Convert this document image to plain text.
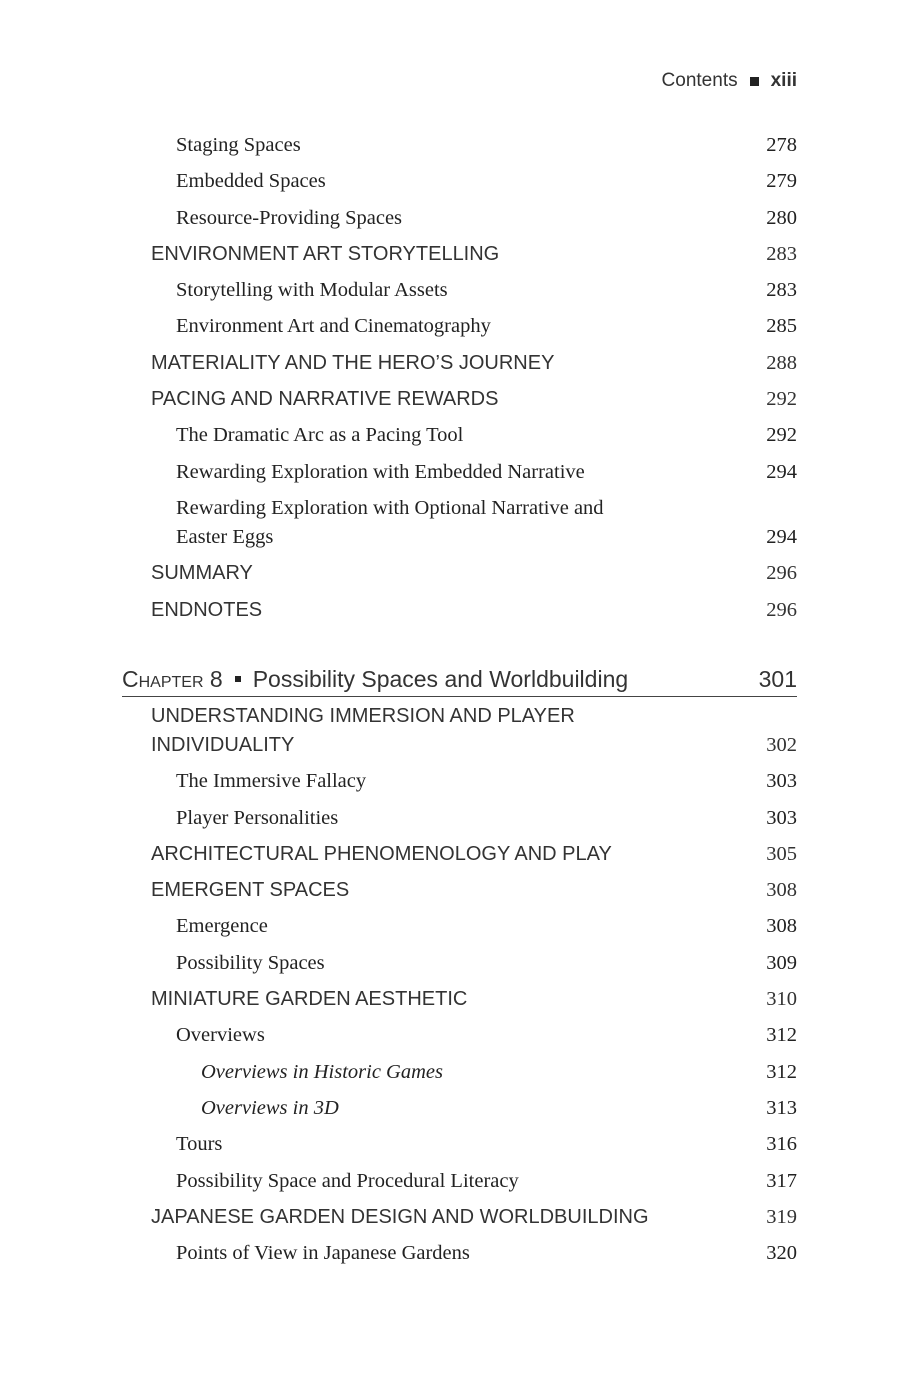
Contents xiii
Staging Spaces	278
Embedded Spaces	279
Resource-Providing Spaces	280
ENVIRONMENT ART STORYTELLING	283
Storytelling with Modular Assets	283
Environment Art and Cinematography	285
MATERIALITY AND THE HERO’S JOURNEY	288
PACING AND NARRATIVE REWARDS	292
The Dramatic Arc as a Pacing Tool	292
Rewarding Exploration with Embedded Narrative	294
Rewarding Exploration with Optional Narrative and
Easter Eggs	294
SUMMARY	296
ENDNOTES	296
Chapter 8 Possibility Spaces and Worldbuilding	301
UNDERSTANDING IMMERSION AND PLAYER
INDIVIDUALITY	302
The Immersive Fallacy	303
Player Personalities	303
ARCHITECTURAL PHENOMENOLOGY AND PLAY	305
EMERGENT SPACES	308
Emergence	308
Possibility Spaces	309
MINIATURE GARDEN AESTHETIC	310
Overviews	312
Overviews in Historic Games	312
Overviews in 3D	313
Tours	316
Possibility Space and Procedural Literacy	317
JAPANESE GARDEN DESIGN AND WORLDBUILDING	319
Points of View in Japanese Gardens	320
